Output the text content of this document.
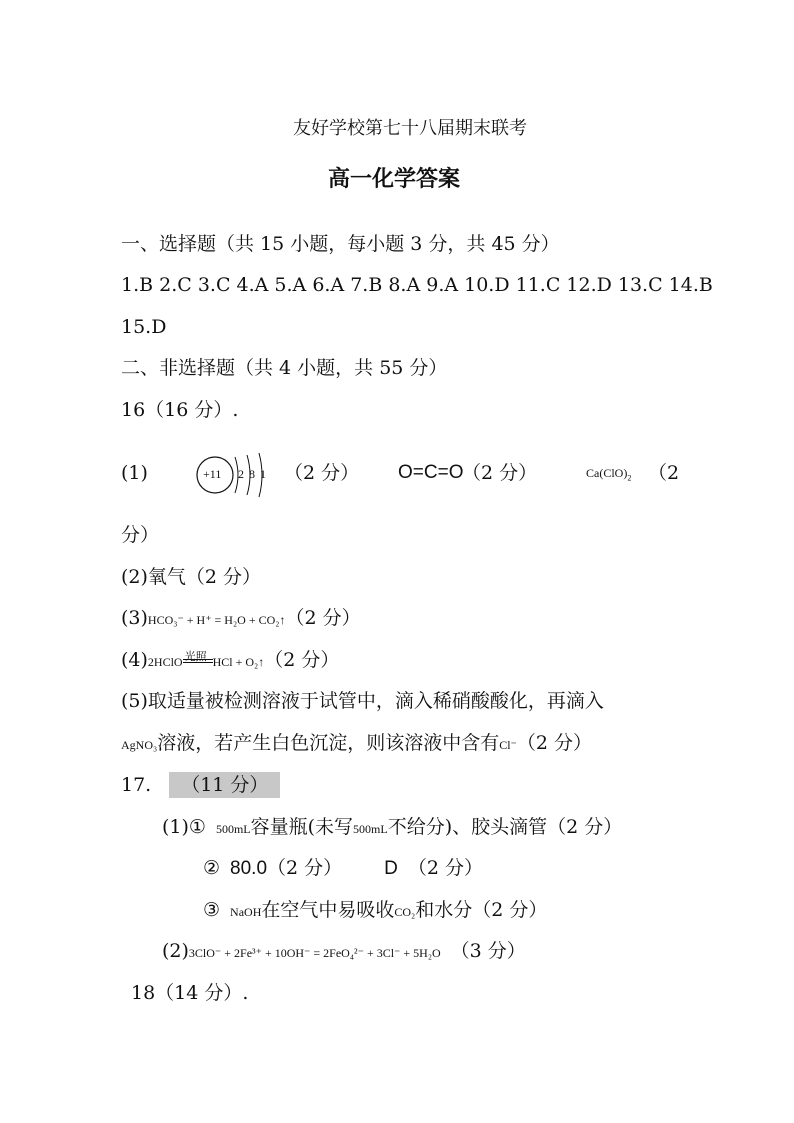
友好学校第七十八届期末联考
高一化学答案
一、选择题（共 15 小题，每小题 3 分，共 45 分）
1.B 2.C 3.C 4.A 5.A 6.A 7.B 8.A 9.A 10.D 11.C 12.D 13.C 14.B
15.D
二、非选择题（共 4 小题，共 55 分）
16（16 分）.
(1)	+11 2 8 1 （2 分） O=C=O
（2 分）	$Ca(ClO)_2$ （2
分）
(2)氧气（2 分）
(3)HCO₃⁻ + H⁺ = H₂O + CO₂↑（2 分）
(4)2HClO 光照 HCl + O₂↑（2 分）
(5)取适量被检测溶液于试管中，滴入稀硝酸酸化，再滴入
AgNO₃溶液，若产生白色沉淀，则该溶液中含有Cl⁻（2 分）
17. （11 分）
(1)① 500mL容量瓶(未写500mL不给分)、胶头滴管（2 分）
② 80.0（2 分） D （2 分）
③ NaOH在空气中易吸收CO₂和水分（2 分）
(2)3ClO⁻ + 2Fe³⁺ + 10OH⁻ = 2FeO₄²⁻ + 3Cl⁻ + 5H₂O （3 分）
18（14 分）.
